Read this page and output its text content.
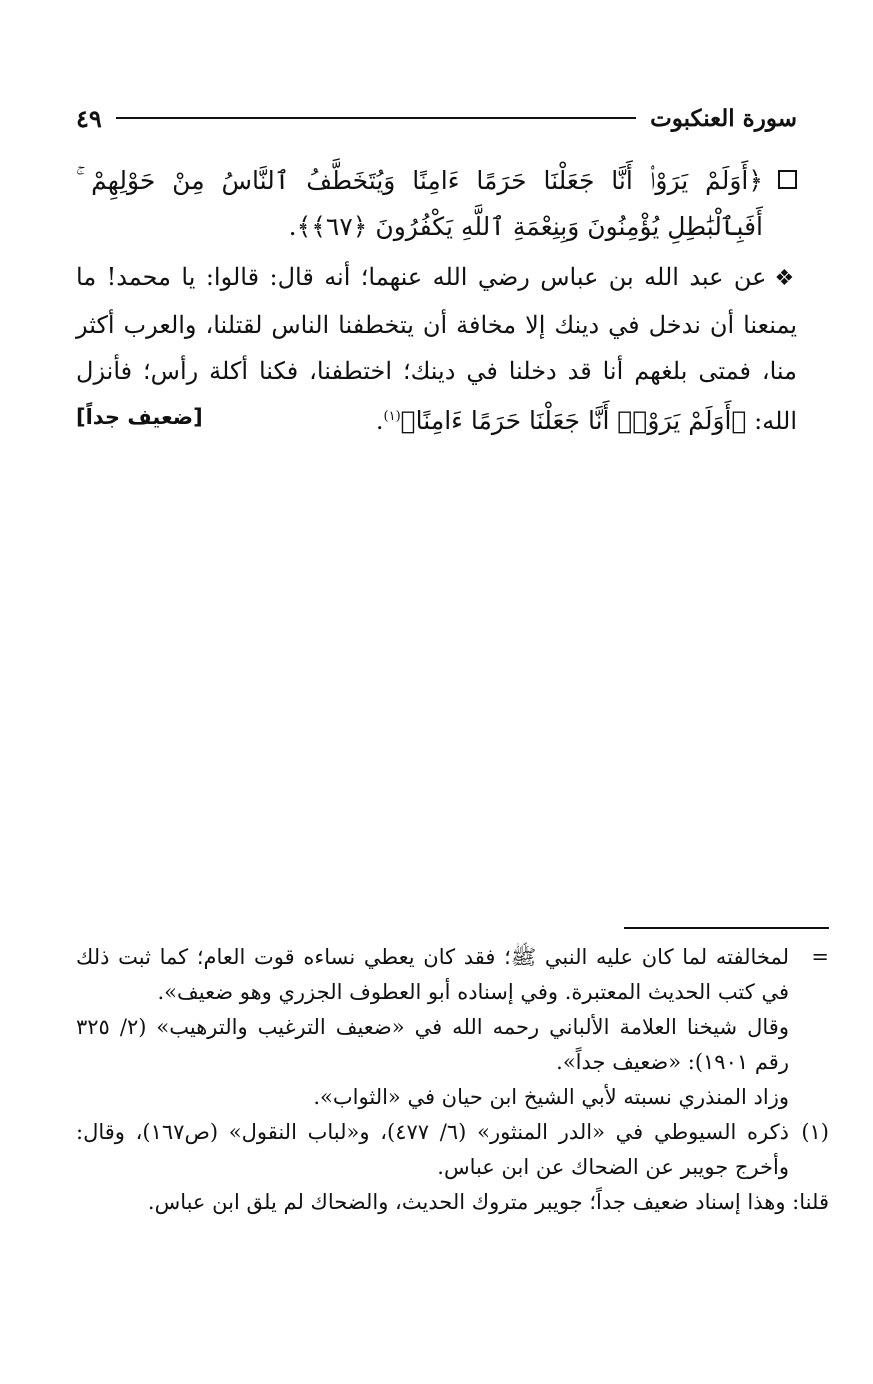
سورة العنكبوت
٤٩
﴿أَوَلَمْ يَرَوْا۟ أَنَّا جَعَلْنَا حَرَمًا ءَامِنًا وَيُتَخَطَّفُ ٱلنَّاسُ مِنْ حَوْلِهِمْ ۚ أَفَبِٱلْبَٰطِلِ يُؤْمِنُونَ وَبِنِعْمَةِ ٱللَّهِ يَكْفُرُونَ ﴿٦٧﴾﴾.
❖عن عبد الله بن عباس رضي الله عنهما؛ أنه قال: قالوا: يا محمد! ما يمنعنا أن ندخل في دينك إلا مخافة أن يتخطفنا الناس لقتلنا، والعرب أكثر منا، فمتى بلغهم أنا قد دخلنا في دينك؛ اختطفنا، فكنا أكلة رأس؛ فأنزل الله: ﴿أَوَلَمْ يَرَوْا۟ أَنَّا جَعَلْنَا حَرَمًا ءَامِنًا﴾$^{(١)}$.
[ضعيف جداً]
=

لمخالفته لما كان عليه النبي ﷺ؛ فقد كان يعطي نساءه قوت العام؛ كما ثبت ذلك في كتب الحديث المعتبرة. وفي إسناده أبو العطوف الجزري وهو ضعيف».

وقال شيخنا العلامة الألباني رحمه الله في «ضعيف الترغيب والترهيب» (٢/ ٣٢٥ رقم ١٩٠١): «ضعيف جداً».

وزاد المنذري نسبته لأبي الشيخ ابن حيان في «الثواب».

(١)

ذكره السيوطي في «الدر المنثور» (٦/ ٤٧٧)، و«لباب النقول» (ص١٦٧)، وقال: وأخرج جويبر عن الضحاك عن ابن عباس.

قلنا: وهذا إسناد ضعيف جداً؛ جويبر متروك الحديث، والضحاك لم يلق ابن عباس.
